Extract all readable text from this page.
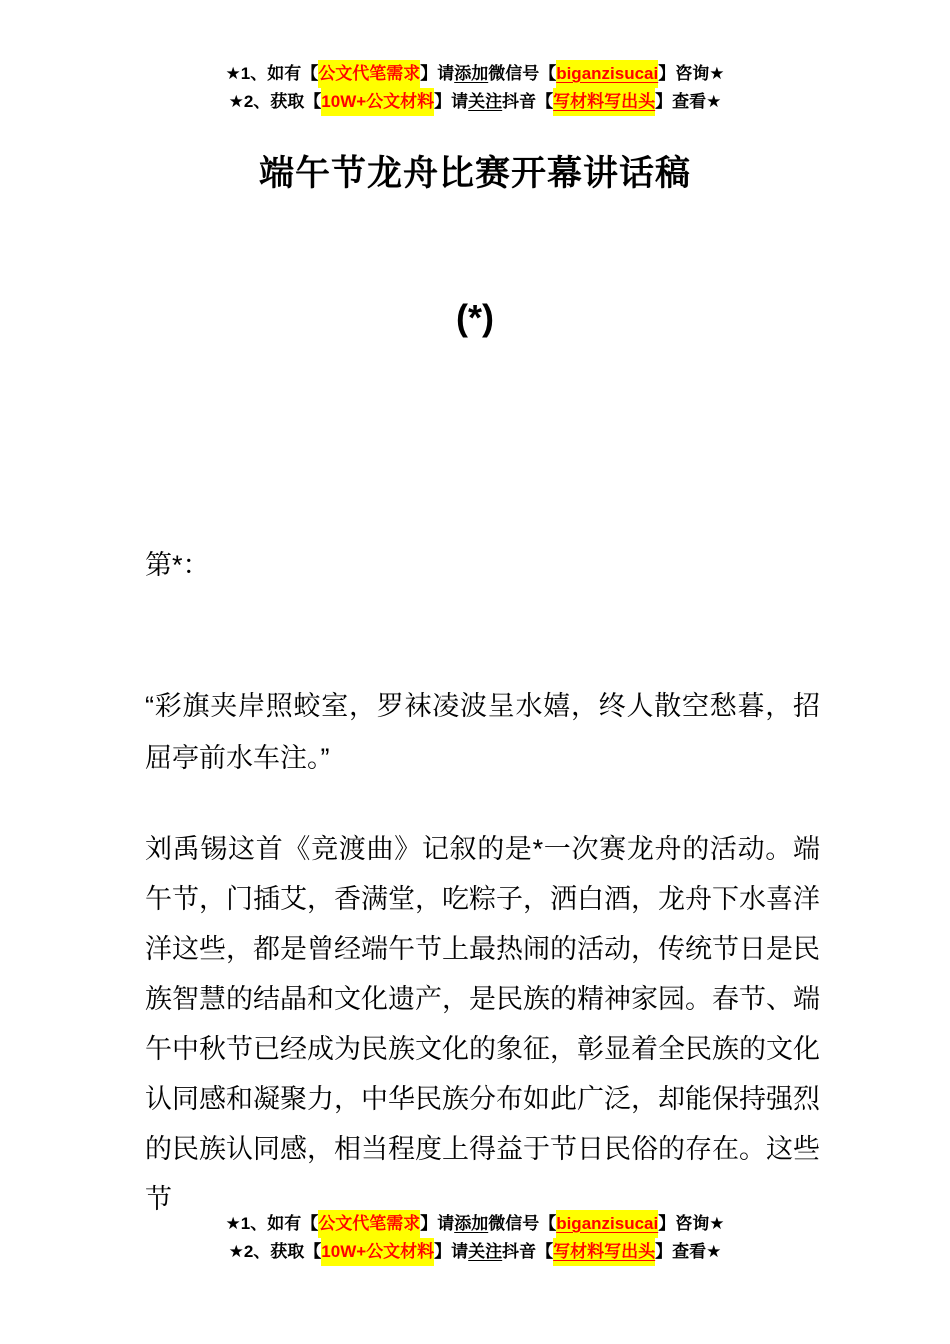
★1、如有【 公文代笔需求 】请 添加 微信号【 biganzisucai 】咨询★
★2、获取【 10W+公文材料 】请 关注 抖音【 写材料写出头 】查看★
端午节龙舟比赛开幕讲话稿
(*)

第*：

“彩旗夹岸照蛟室，罗袜凌波呈水嬉，终人散空愁暮，招屈亭前水车注。”

刘禹锡这首《竞渡曲》记叙的是*一次赛龙舟的活动。端午节，门插艾，香满堂，吃粽子，洒白酒，龙舟下水喜洋洋这些，都是曾经端午节上最热闹的活动，传统节日是民族智慧的结晶和文化遗产，是民族的精神家园。春节、端午中秋节已经成为民族文化的象征，彰显着全民族的文化认同感和凝聚力，中华民族分布如此广泛，却能保持强烈的民族认同感，相当程度上得益于节日民俗的存在。这些节

★1、如有【 公文代笔需求 】请 添加 微信号【 biganzisucai 】咨询★
★2、获取【 10W+公文材料 】请 关注 抖音【 写材料写出头 】查看★
